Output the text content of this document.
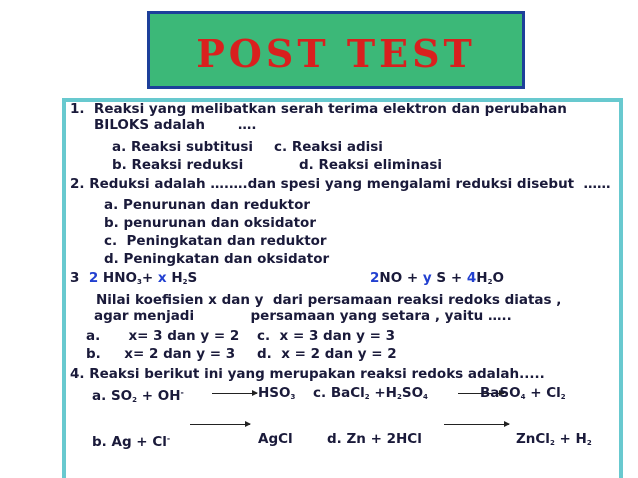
POST TEST
1.  Reaksi yang melibatkan serah terima elektron dan perubahan
BILOKS adalah       ….
a. Reaksi subtitusi c. Reaksi adisi
b. Reaksi reduksi	d. Reaksi eliminasi
2. Reduksi adalah ….….dan spesi yang mengalami reduksi disebut  ……
a. Penurunan dan reduktor
b. penurunan dan oksidator
c.  Peningkatan dan reduktor
d. Peningkatan dan oksidator
3 2 $HNO_3+ x$ $H_2S$	2NO + y $S + 4H_2O$
Nilai koefisien x dan y  dari persamaan reaksi redoks diatas ,
agar menjadi            persamaan yang setara , yaitu …..
a.      x= 3 dan y = 2 c.  x = 3 dan y = 3
b.     x= 2 dan y = 3 d.  x = 2 dan y = 2
4. Reaksi berikut ini yang merupakan reaksi redoks adalah.....
a. $SO_2 + OH^- \to HSO_3$ c. BaCl$_2$ $+H_2SO_4$	BaSO$_4$ + $Cl_2$
b. Ag + Cl-	AgCl	d. Zn + 2HCl	ZnCl$_2$ + $H_2$
